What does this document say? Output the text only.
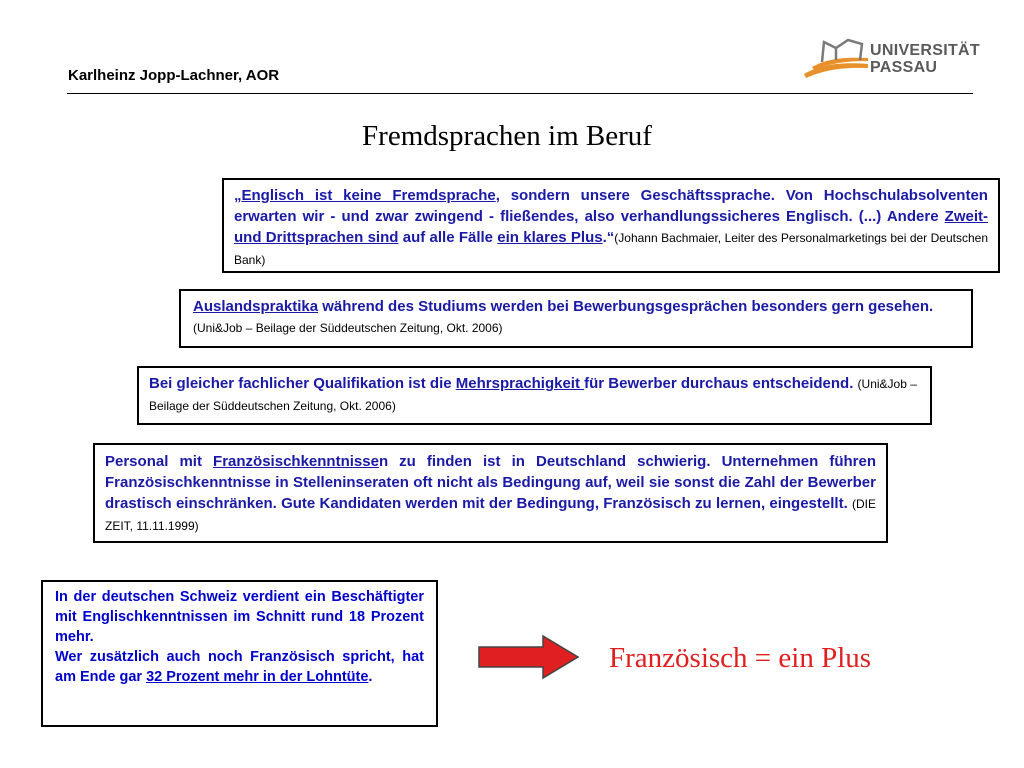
Karlheinz Jopp-Lachner, AOR
UNIVERSITÄT
PASSAU
Fremdsprachen im Beruf
„Englisch ist keine Fremdsprache, sondern unsere Geschäftssprache. Von Hochschulabsolventen erwarten wir - und zwar zwingend - fließendes, also verhandlungssicheres Englisch. (...) Andere Zweit- und Drittsprachen sind auf alle Fälle ein klares Plus.“(Johann Bachmaier, Leiter des Personalmarketings bei der Deutschen Bank)
Auslandspraktika während des Studiums werden bei Bewerbungsgesprächen besonders gern gesehen. (Uni&Job – Beilage der Süddeutschen Zeitung, Okt. 2006)
Bei gleicher fachlicher Qualifikation ist die Mehrsprachigkeit für Bewerber durchaus entscheidend. (Uni&Job – Beilage der Süddeutschen Zeitung, Okt. 2006)
Personal mit Französischkenntnissen zu finden ist in Deutschland schwierig. Unternehmen führen Französischkenntnisse in Stelleninseraten oft nicht als Bedingung auf, weil sie sonst die Zahl der Bewerber drastisch einschränken. Gute Kandidaten werden mit der Bedingung, Französisch zu lernen, eingestellt. (DIE ZEIT, 11.11.1999)
In der deutschen Schweiz verdient ein Beschäftigter mit Englischkenntnissen im Schnitt rund 18 Prozent mehr.
Wer zusätzlich auch noch Französisch spricht, hat am Ende gar 32 Prozent mehr in der Lohntüte.
Französisch = ein Plus
